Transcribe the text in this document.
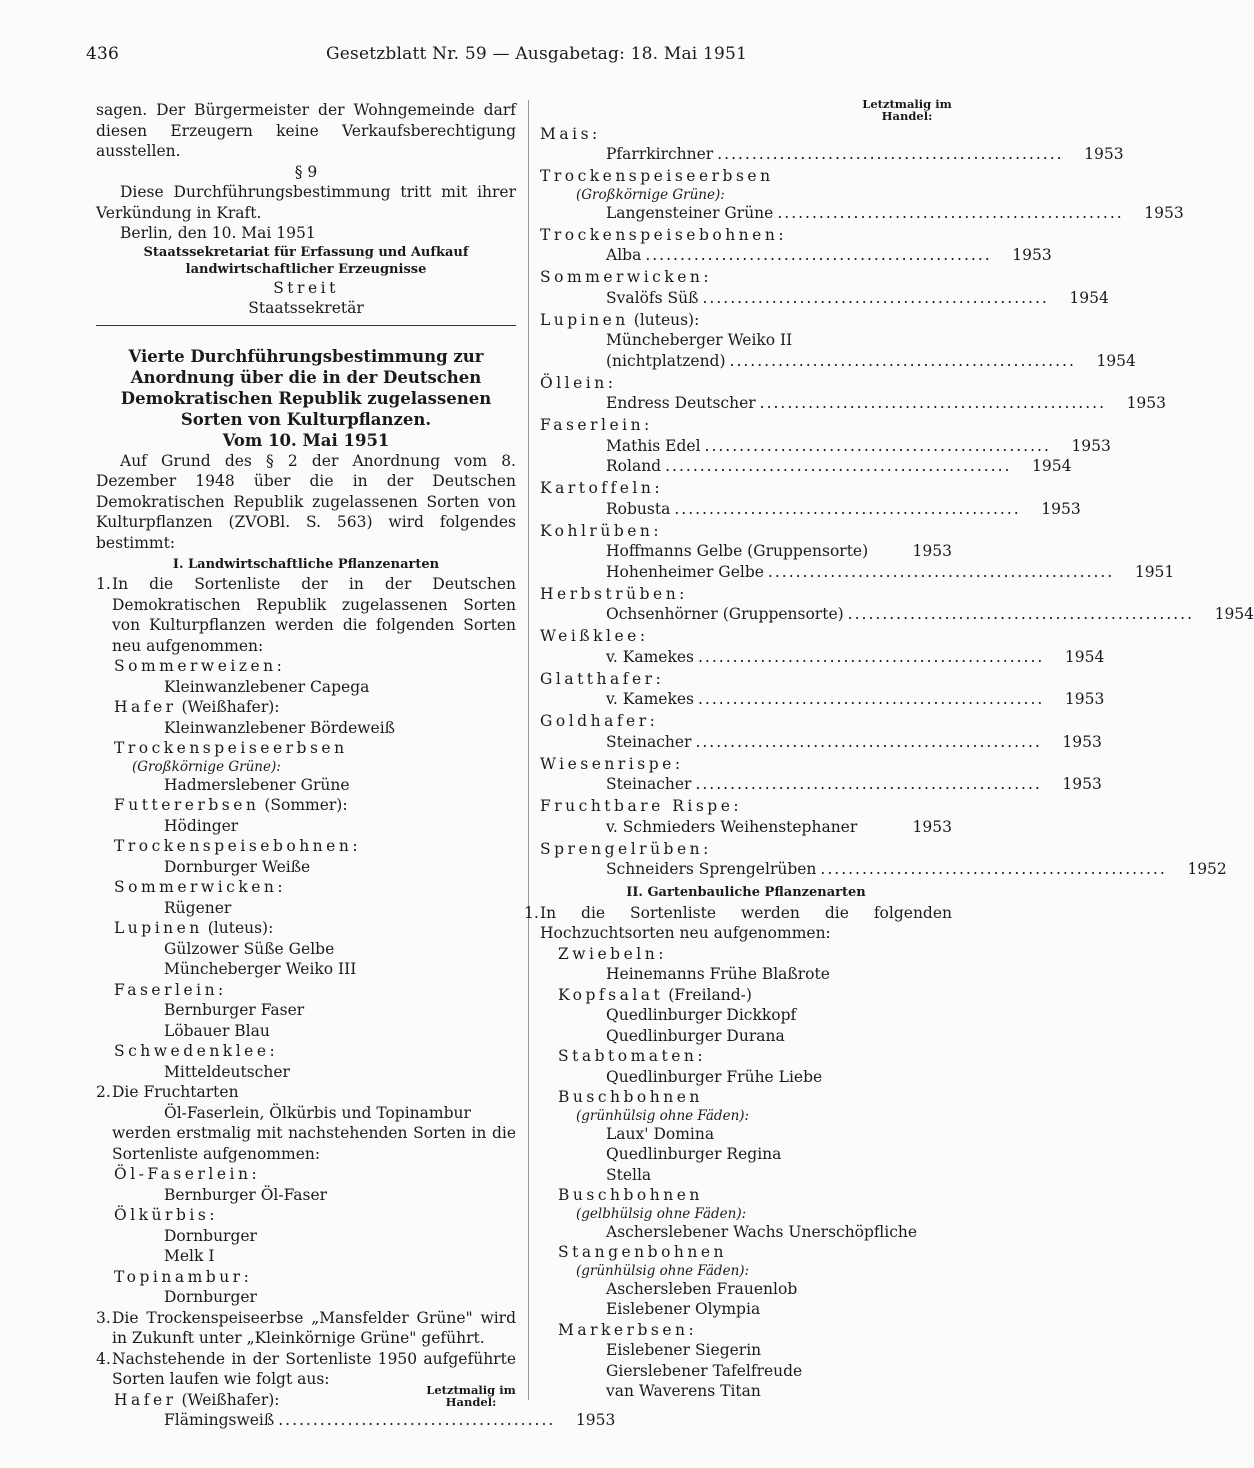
436	Gesetzblatt Nr. 59 — Ausgabetag: 18. Mai 1951

sagen. Der Bürgermeister der Wohngemeinde darf diesen Erzeugern keine Verkaufsberechtigung ausstellen.

§ 9

Diese Durchführungsbestimmung tritt mit ihrer Verkündung in Kraft.

Berlin, den 10. Mai 1951

Staatssekretariat für Erfassung und Aufkauf landwirtschaftlicher Erzeugnisse

Streit

Staatssekretär

Vierte Durchführungsbestimmung zur Anordnung über die in der Deutschen Demokratischen Republik zugelassenen Sorten von Kulturpflanzen.

Vom 10. Mai 1951

Auf Grund des § 2 der Anordnung vom 8. Dezember 1948 über die in der Deutschen Demokratischen Republik zugelassenen Sorten von Kulturpflanzen (ZVOBl. S. 563) wird folgendes bestimmt:

I. Landwirtschaftliche Pflanzenarten

1. In die Sortenliste der in der Deutschen Demokratischen Republik zugelassenen Sorten von Kulturpflanzen werden die folgenden Sorten neu aufgenommen:
Sommerweizen:
Kleinwanzlebener Capega
Hafer (Weißhafer):
Kleinwanzlebener Bördeweiß
Trockenspeiseerbsen
(Großkörnige Grüne):
Hadmerslebener Grüne
Futtererbsen (Sommer):
Hödinger
Trockenspeisebohnen:
Dornburger Weiße
Sommerwicken:
Rügener
Lupinen (luteus):
Gülzower Süße Gelbe
Müncheberger Weiko III
Faserlein:
Bernburger Faser
Löbauer Blau
Schwedenklee:
Mitteldeutscher
2. Die Fruchtarten
Öl-Faserlein, Ölkürbis und Topinambur
werden erstmalig mit nachstehenden Sorten in die Sortenliste aufgenommen:
Öl-Faserlein:
Bernburger Öl-Faser
Ölkürbis:
Dornburger
Melk I
Topinambur:
Dornburger
3. Die Trockenspeiseerbse „Mansfelder Grüne" wird in Zukunft unter „Kleinkörnige Grüne" geführt.
4. Nachstehende in der Sortenliste 1950 aufgeführte Sorten laufen wie folgt aus:
Hafer (Weißhafer):

Letztmalig im Handel:

Flämingsweiß ........................................	1953

Letztmalig im Handel:

Mais:
Pfarrkirchner ..................................................	1953
Trockenspeiseerbsen
(Großkörnige Grüne):
Langensteiner Grüne ..................................................	1953
Trockenspeisebohnen:
Alba ..................................................	1953
Sommerwicken:
Svalöfs Süß ..................................................	1954
Lupinen (luteus):
Müncheberger Weiko II
(nichtplatzend) ..................................................	1954
Öllein:
Endress Deutscher ..................................................	1953
Faserlein:
Mathis Edel ..................................................	1953
Roland ..................................................	1954
Kartoffeln:
Robusta ..................................................	1953
Kohlrüben:
Hoffmanns Gelbe (Gruppensorte)	1953
Hohenheimer Gelbe ..................................................	1951
Herbstrüben:
Ochsenhörner (Gruppensorte) ..................................................	1954
Weißklee:
v. Kamekes ..................................................	1954
Glatthafer:
v. Kamekes ..................................................	1953
Goldhafer:
Steinacher ..................................................	1953
Wiesenrispe:
Steinacher ..................................................	1953
Fruchtbare Rispe:
v. Schmieders Weihenstephaner	1953
Sprengelrüben:
Schneiders Sprengelrüben ..................................................	1952

II. Gartenbauliche Pflanzenarten

1. In die Sortenliste werden die folgenden Hochzuchtsorten neu aufgenommen:
Zwiebeln:
Heinemanns Frühe Blaßrote
Kopfsalat (Freiland-)
Quedlinburger Dickkopf
Quedlinburger Durana
Stabtomaten:
Quedlinburger Frühe Liebe
Buschbohnen
(grünhülsig ohne Fäden):
Laux' Domina
Quedlinburger Regina
Stella
Buschbohnen
(gelbhülsig ohne Fäden):
Ascherslebener Wachs Unerschöpfliche
Stangenbohnen
(grünhülsig ohne Fäden):
Aschersleben Frauenlob
Eislebener Olympia
Markerbsen:
Eislebener Siegerin
Gierslebener Tafelfreude
van Waverens Titan
